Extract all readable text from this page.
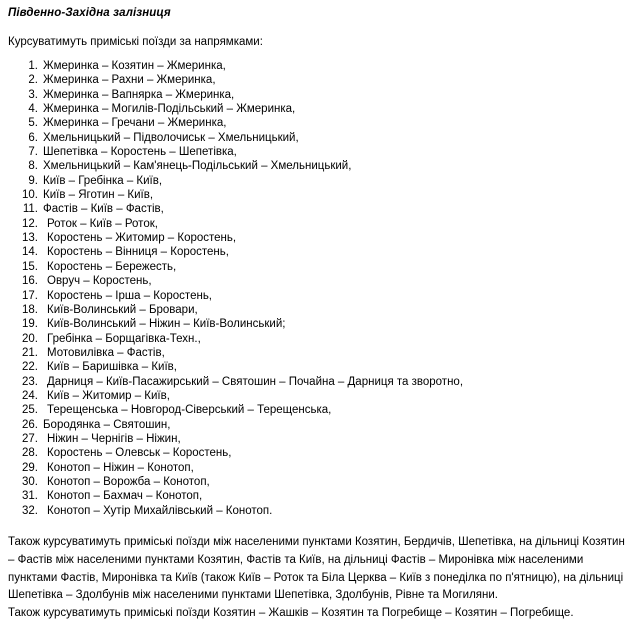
Південно-Західна залізниця

Курсуватимуть приміські поїзди за напрямками:

1. Жмеринка – Козятин – Жмеринка,
2. Жмеринка – Рахни – Жмеринка,
3. Жмеринка – Вапнярка – Жмеринка,
4. Жмеринка – Могилів-Подільський – Жмеринка,
5. Жмеринка – Гречани – Жмеринка,
6. Хмельницький – Підволочиськ – Хмельницький,
7. Шепетівка – Коростень – Шепетівка,
8. Хмельницький – Кам'янець-Подільський – Хмельницький,
9. Київ – Гребінка – Київ,
10. Київ – Яготин – Київ,
11. Фастів – Київ – Фастів,
12. Роток – Київ – Роток,
13. Коростень – Житомир – Коростень,
14. Коростень – Вінниця – Коростень,
15. Коростень – Бережесть,
16. Овруч – Коростень,
17. Коростень – Ірша – Коростень,
18. Київ-Волинський – Бровари,
19. Київ-Волинський – Ніжин – Київ-Волинський;
20. Гребінка – Борщагівка-Техн.,
21. Мотовилівка – Фастів,
22. Київ – Баришівка – Київ,
23. Дарниця – Київ-Пасажирський – Святошин – Почайна – Дарниця та зворотно,
24. Київ – Житомир – Київ,
25. Терещенська – Новгород-Сіверський – Терещенська,
26. Бородянка – Святошин,
27. Ніжин – Чернігів – Ніжин,
28. Коростень – Олевськ – Коростень,
29. Конотоп – Ніжин – Конотоп,
30. Конотоп – Ворожба – Конотоп,
31. Конотоп – Бахмач – Конотоп,
32. Конотоп – Хутір Михайлівський – Конотоп.

Також курсуватимуть приміські поїзди між населеними пунктами Козятин, Бердичів, Шепетівка, на дільниці Козятин – Фастів між населеними пунктами Козятин, Фастів та Київ, на дільниці Фастів – Миронівка між населеними пунктами Фастів, Миронівка та Київ (також Київ – Роток та Біла Церква – Київ з понеділка по п'ятницю), на дільниці Шепетівка – Здолбунів між населеними пунктами Шепетівка, Здолбунів, Рівне та Могиляни.

Також курсуватимуть приміські поїзди Козятин – Жашків – Козятин та Погребище – Козятин – Погребище.
